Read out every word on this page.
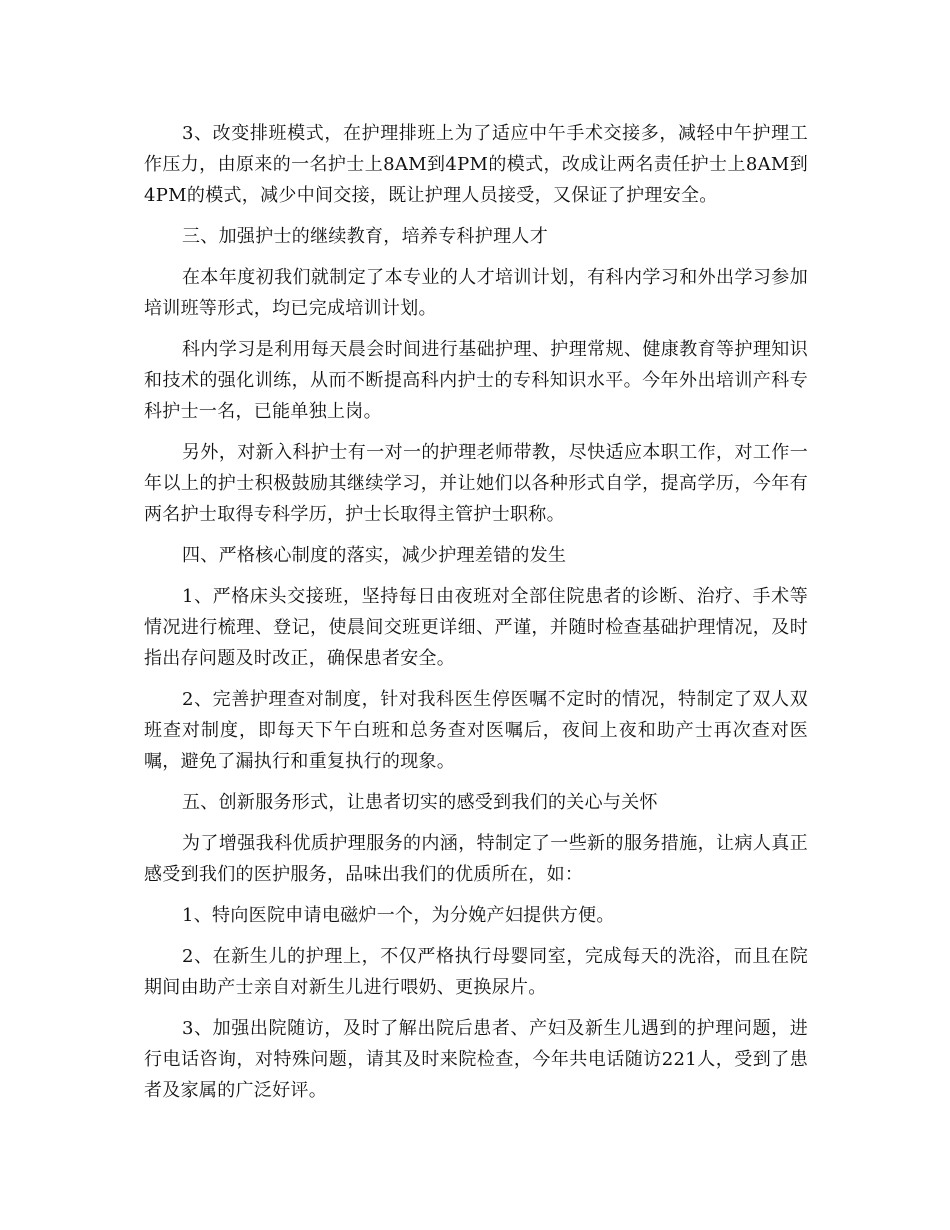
3、改变排班模式，在护理排班上为了适应中午手术交接多，减轻中午护理工作压力，由原来的一名护士上8AM到4PM的模式，改成让两名责任护士上8AM到4PM的模式，减少中间交接，既让护理人员接受，又保证了护理安全。

三、加强护士的继续教育，培养专科护理人才

在本年度初我们就制定了本专业的人才培训计划，有科内学习和外出学习参加培训班等形式，均已完成培训计划。

科内学习是利用每天晨会时间进行基础护理、护理常规、健康教育等护理知识和技术的强化训练，从而不断提高科内护士的专科知识水平。今年外出培训产科专科护士一名，已能单独上岗。

另外，对新入科护士有一对一的护理老师带教，尽快适应本职工作，对工作一年以上的护士积极鼓励其继续学习，并让她们以各种形式自学，提高学历，今年有两名护士取得专科学历，护士长取得主管护士职称。

四、严格核心制度的落实，减少护理差错的发生

1、严格床头交接班，坚持每日由夜班对全部住院患者的诊断、治疗、手术等情况进行梳理、登记，使晨间交班更详细、严谨，并随时检查基础护理情况，及时指出存问题及时改正，确保患者安全。

2、完善护理查对制度，针对我科医生停医嘱不定时的情况，特制定了双人双班查对制度，即每天下午白班和总务查对医嘱后，夜间上夜和助产士再次查对医嘱，避免了漏执行和重复执行的现象。

五、创新服务形式，让患者切实的感受到我们的关心与关怀

为了增强我科优质护理服务的内涵，特制定了一些新的服务措施，让病人真正感受到我们的医护服务，品味出我们的优质所在，如：

1、特向医院申请电磁炉一个，为分娩产妇提供方便。

2、在新生儿的护理上，不仅严格执行母婴同室，完成每天的洗浴，而且在院期间由助产士亲自对新生儿进行喂奶、更换尿片。

3、加强出院随访，及时了解出院后患者、产妇及新生儿遇到的护理问题，进行电话咨询，对特殊问题，请其及时来院检查，今年共电话随访221人，受到了患者及家属的广泛好评。
